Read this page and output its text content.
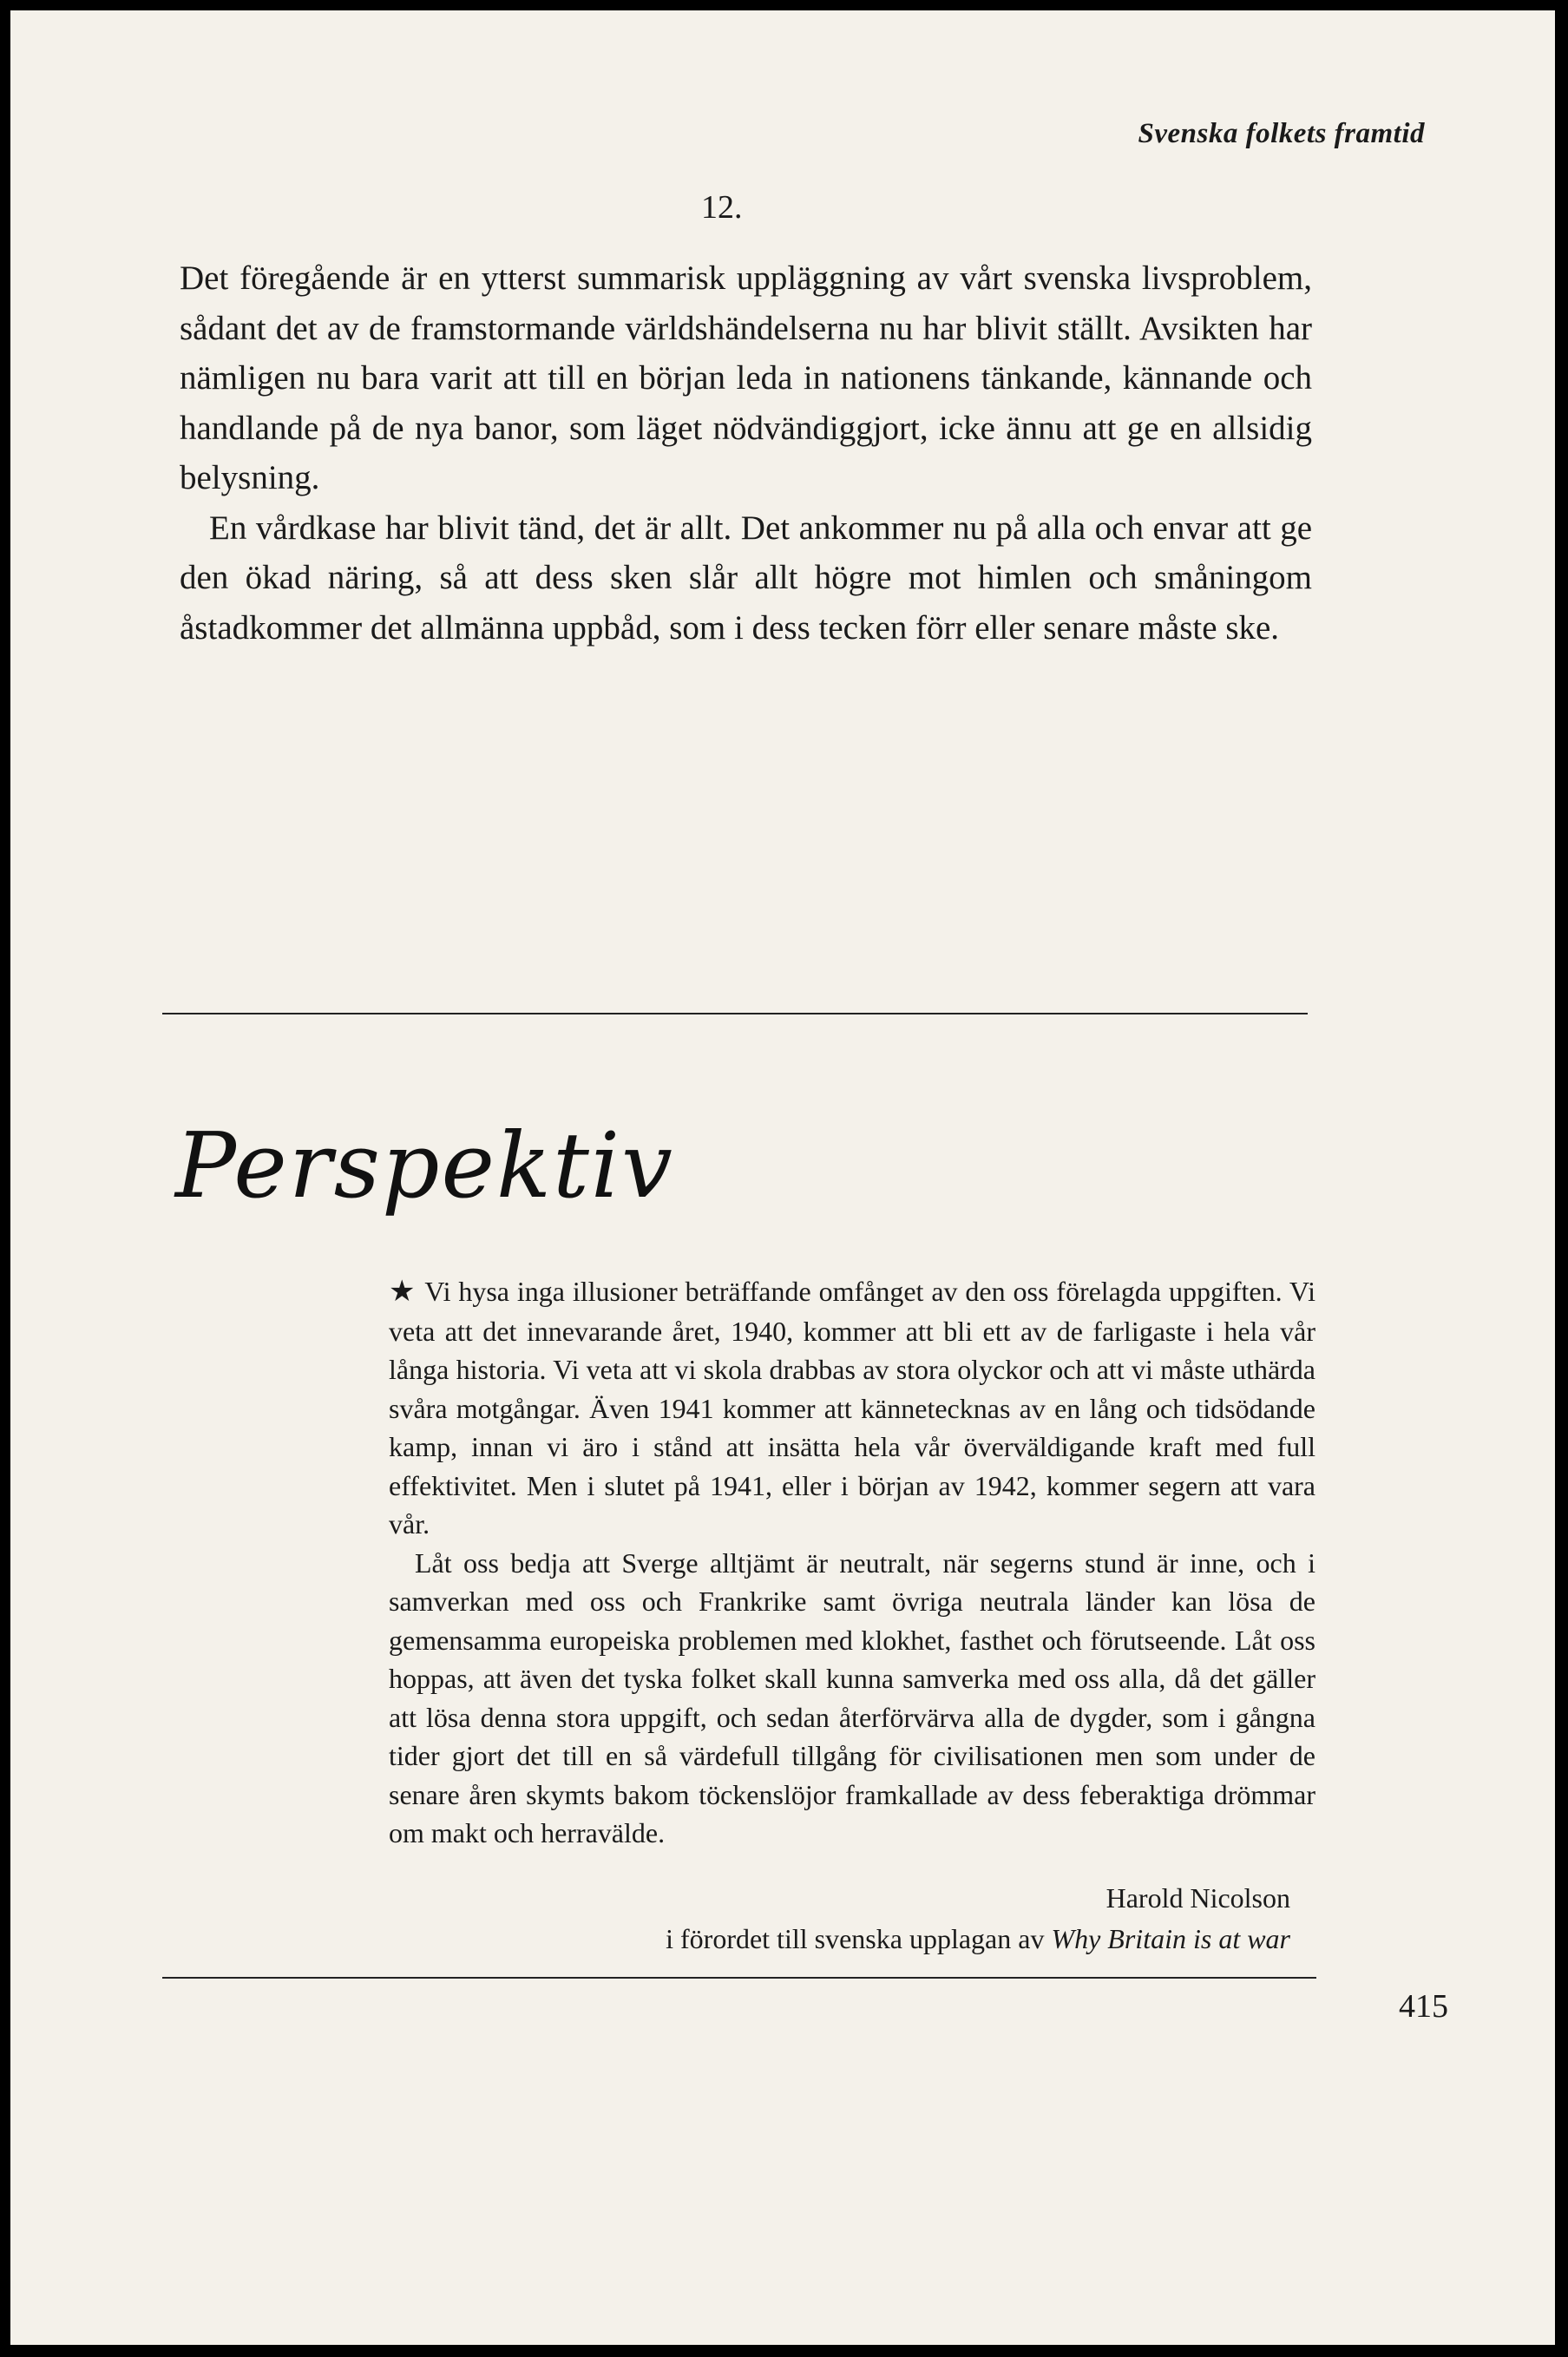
Svenska folkets framtid
12.

Det föregående är en ytterst summarisk uppläggning av vårt svenska livsproblem, sådant det av de framstormande världshändelserna nu har blivit ställt. Avsikten har nämligen nu bara varit att till en början leda in nationens tänkande, kännande och handlande på de nya banor, som läget nödvändiggjort, icke ännu att ge en allsidig belysning.

En vårdkase har blivit tänd, det är allt. Det ankommer nu på alla och envar att ge den ökad näring, så att dess sken slår allt högre mot himlen och småningom åstadkommer det allmänna uppbåd, som i dess tecken förr eller senare måste ske.

Perspektiv

★ Vi hysa inga illusioner beträffande omfånget av den oss förelagda uppgiften. Vi veta att det innevarande året, 1940, kommer att bli ett av de farligaste i hela vår långa historia. Vi veta att vi skola drabbas av stora olyckor och att vi måste uthärda svåra motgångar. Även 1941 kommer att kännetecknas av en lång och tidsödande kamp, innan vi äro i stånd att insätta hela vår överväldigande kraft med full effektivitet. Men i slutet på 1941, eller i början av 1942, kommer segern att vara vår.

Låt oss bedja att Sverge alltjämt är neutralt, när segerns stund är inne, och i samverkan med oss och Frankrike samt övriga neutrala länder kan lösa de gemensamma europeiska problemen med klokhet, fasthet och förutseende. Låt oss hoppas, att även det tyska folket skall kunna samverka med oss alla, då det gäller att lösa denna stora uppgift, och sedan återförvärva alla de dygder, som i gångna tider gjort det till en så värdefull tillgång för civilisationen men som under de senare åren skymts bakom töckenslöjor framkallade av dess feberaktiga drömmar om makt och herravälde.

Harold Nicolson
i förordet till svenska upplagan av Why Britain is at war
415
